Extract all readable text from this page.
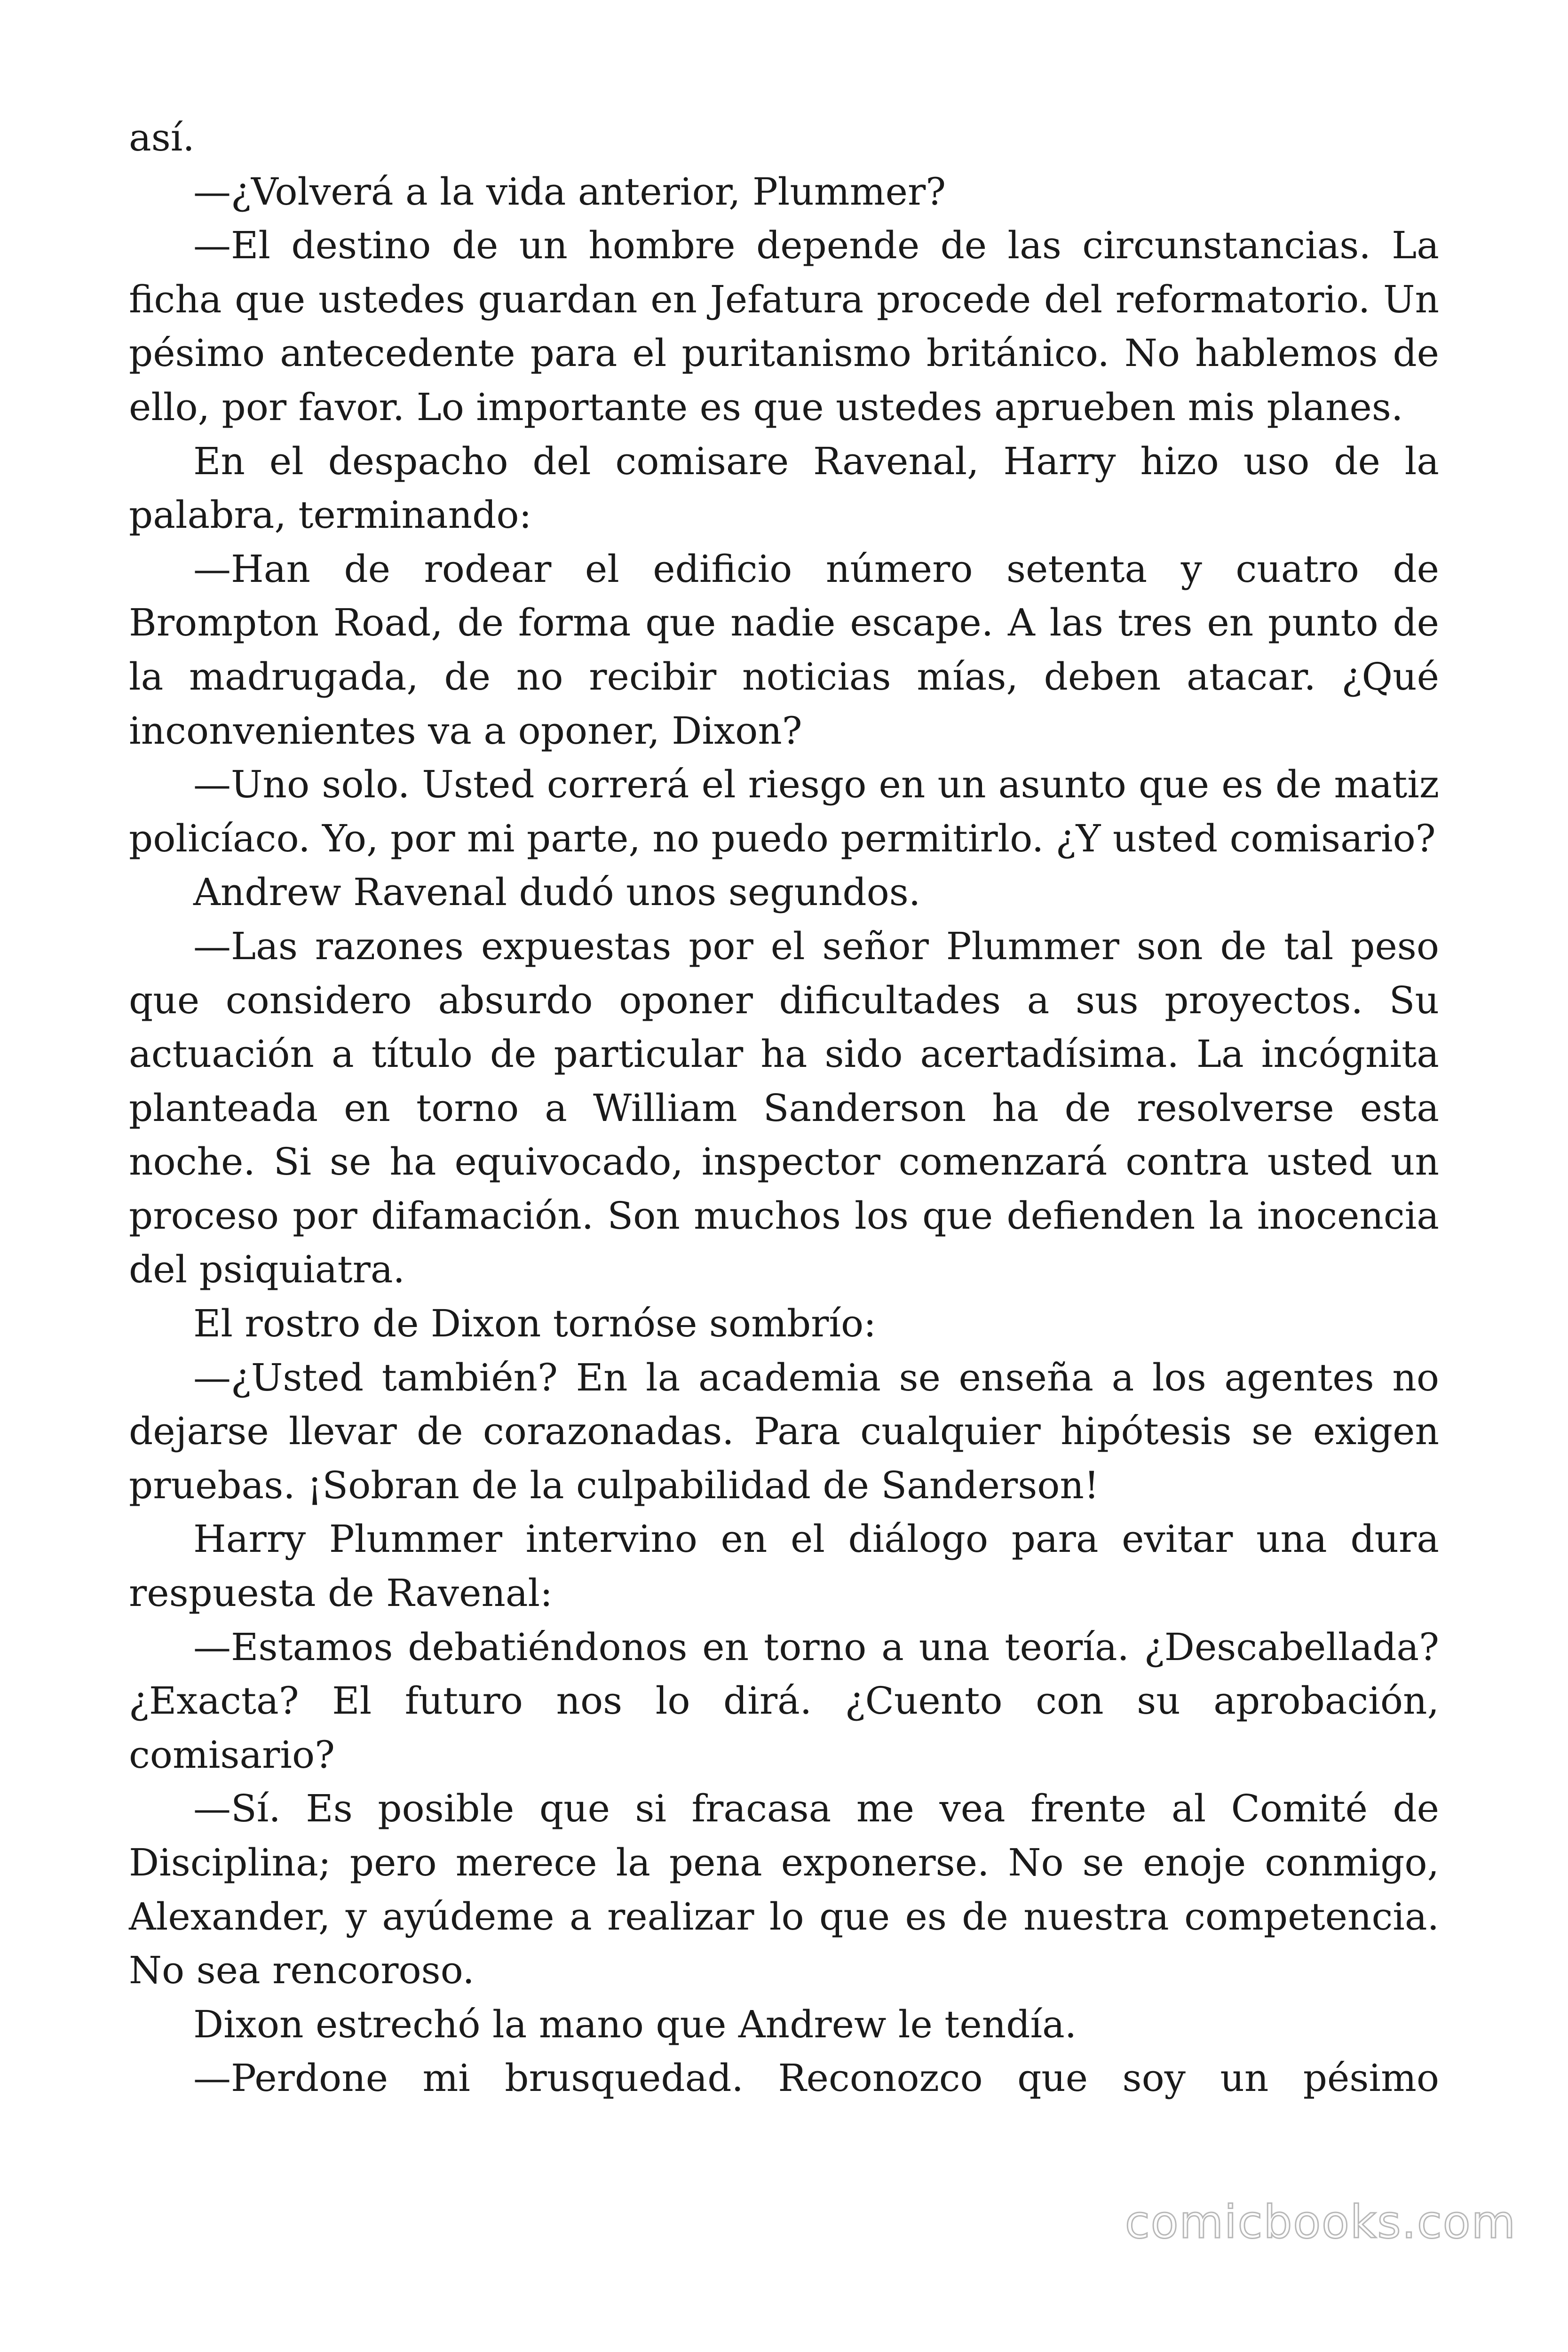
así.

—¿Volverá a la vida anterior, Plummer?

—El destino de un hombre depende de las circunstancias. La ficha que ustedes guardan en Jefatura procede del reformatorio. Un pésimo antecedente para el puritanismo británico. No hablemos de ello, por favor. Lo importante es que ustedes aprueben mis planes.

En el despacho del comisare Ravenal, Harry hizo uso de la palabra, terminando:

—Han de rodear el edificio número setenta y cuatro de Brompton Road, de forma que nadie escape. A las tres en punto de la madrugada, de no recibir noticias mías, deben atacar. ¿Qué inconvenientes va a oponer, Dixon?

—Uno solo. Usted correrá el riesgo en un asunto que es de matiz policíaco. Yo, por mi parte, no puedo permitirlo. ¿Y usted comisario?

Andrew Ravenal dudó unos segundos.

—Las razones expuestas por el señor Plummer son de tal peso que considero absurdo oponer dificultades a sus proyectos. Su actuación a título de particular ha sido acertadísima. La incógnita planteada en torno a William Sanderson ha de resolverse esta noche. Si se ha equivocado, inspector comenzará contra usted un proceso por difamación. Son muchos los que defienden la inocencia del psiquiatra.

El rostro de Dixon tornóse sombrío:

—¿Usted también? En la academia se enseña a los agentes no dejarse llevar de corazonadas. Para cualquier hipótesis se exigen pruebas. ¡Sobran de la culpabilidad de Sanderson!

Harry Plummer intervino en el diálogo para evitar una dura respuesta de Ravenal:

—Estamos debatiéndonos en torno a una teoría. ¿Descabellada? ¿Exacta? El futuro nos lo dirá. ¿Cuento con su aprobación, comisario?

—Sí. Es posible que si fracasa me vea frente al Comité de Disciplina; pero merece la pena exponerse. No se enoje conmigo, Alexander, y ayúdeme a realizar lo que es de nuestra competencia. No sea rencoroso.

Dixon estrechó la mano que Andrew le tendía.

—Perdone mi brusquedad. Reconozco que soy un pésimo

comicbooks.com
